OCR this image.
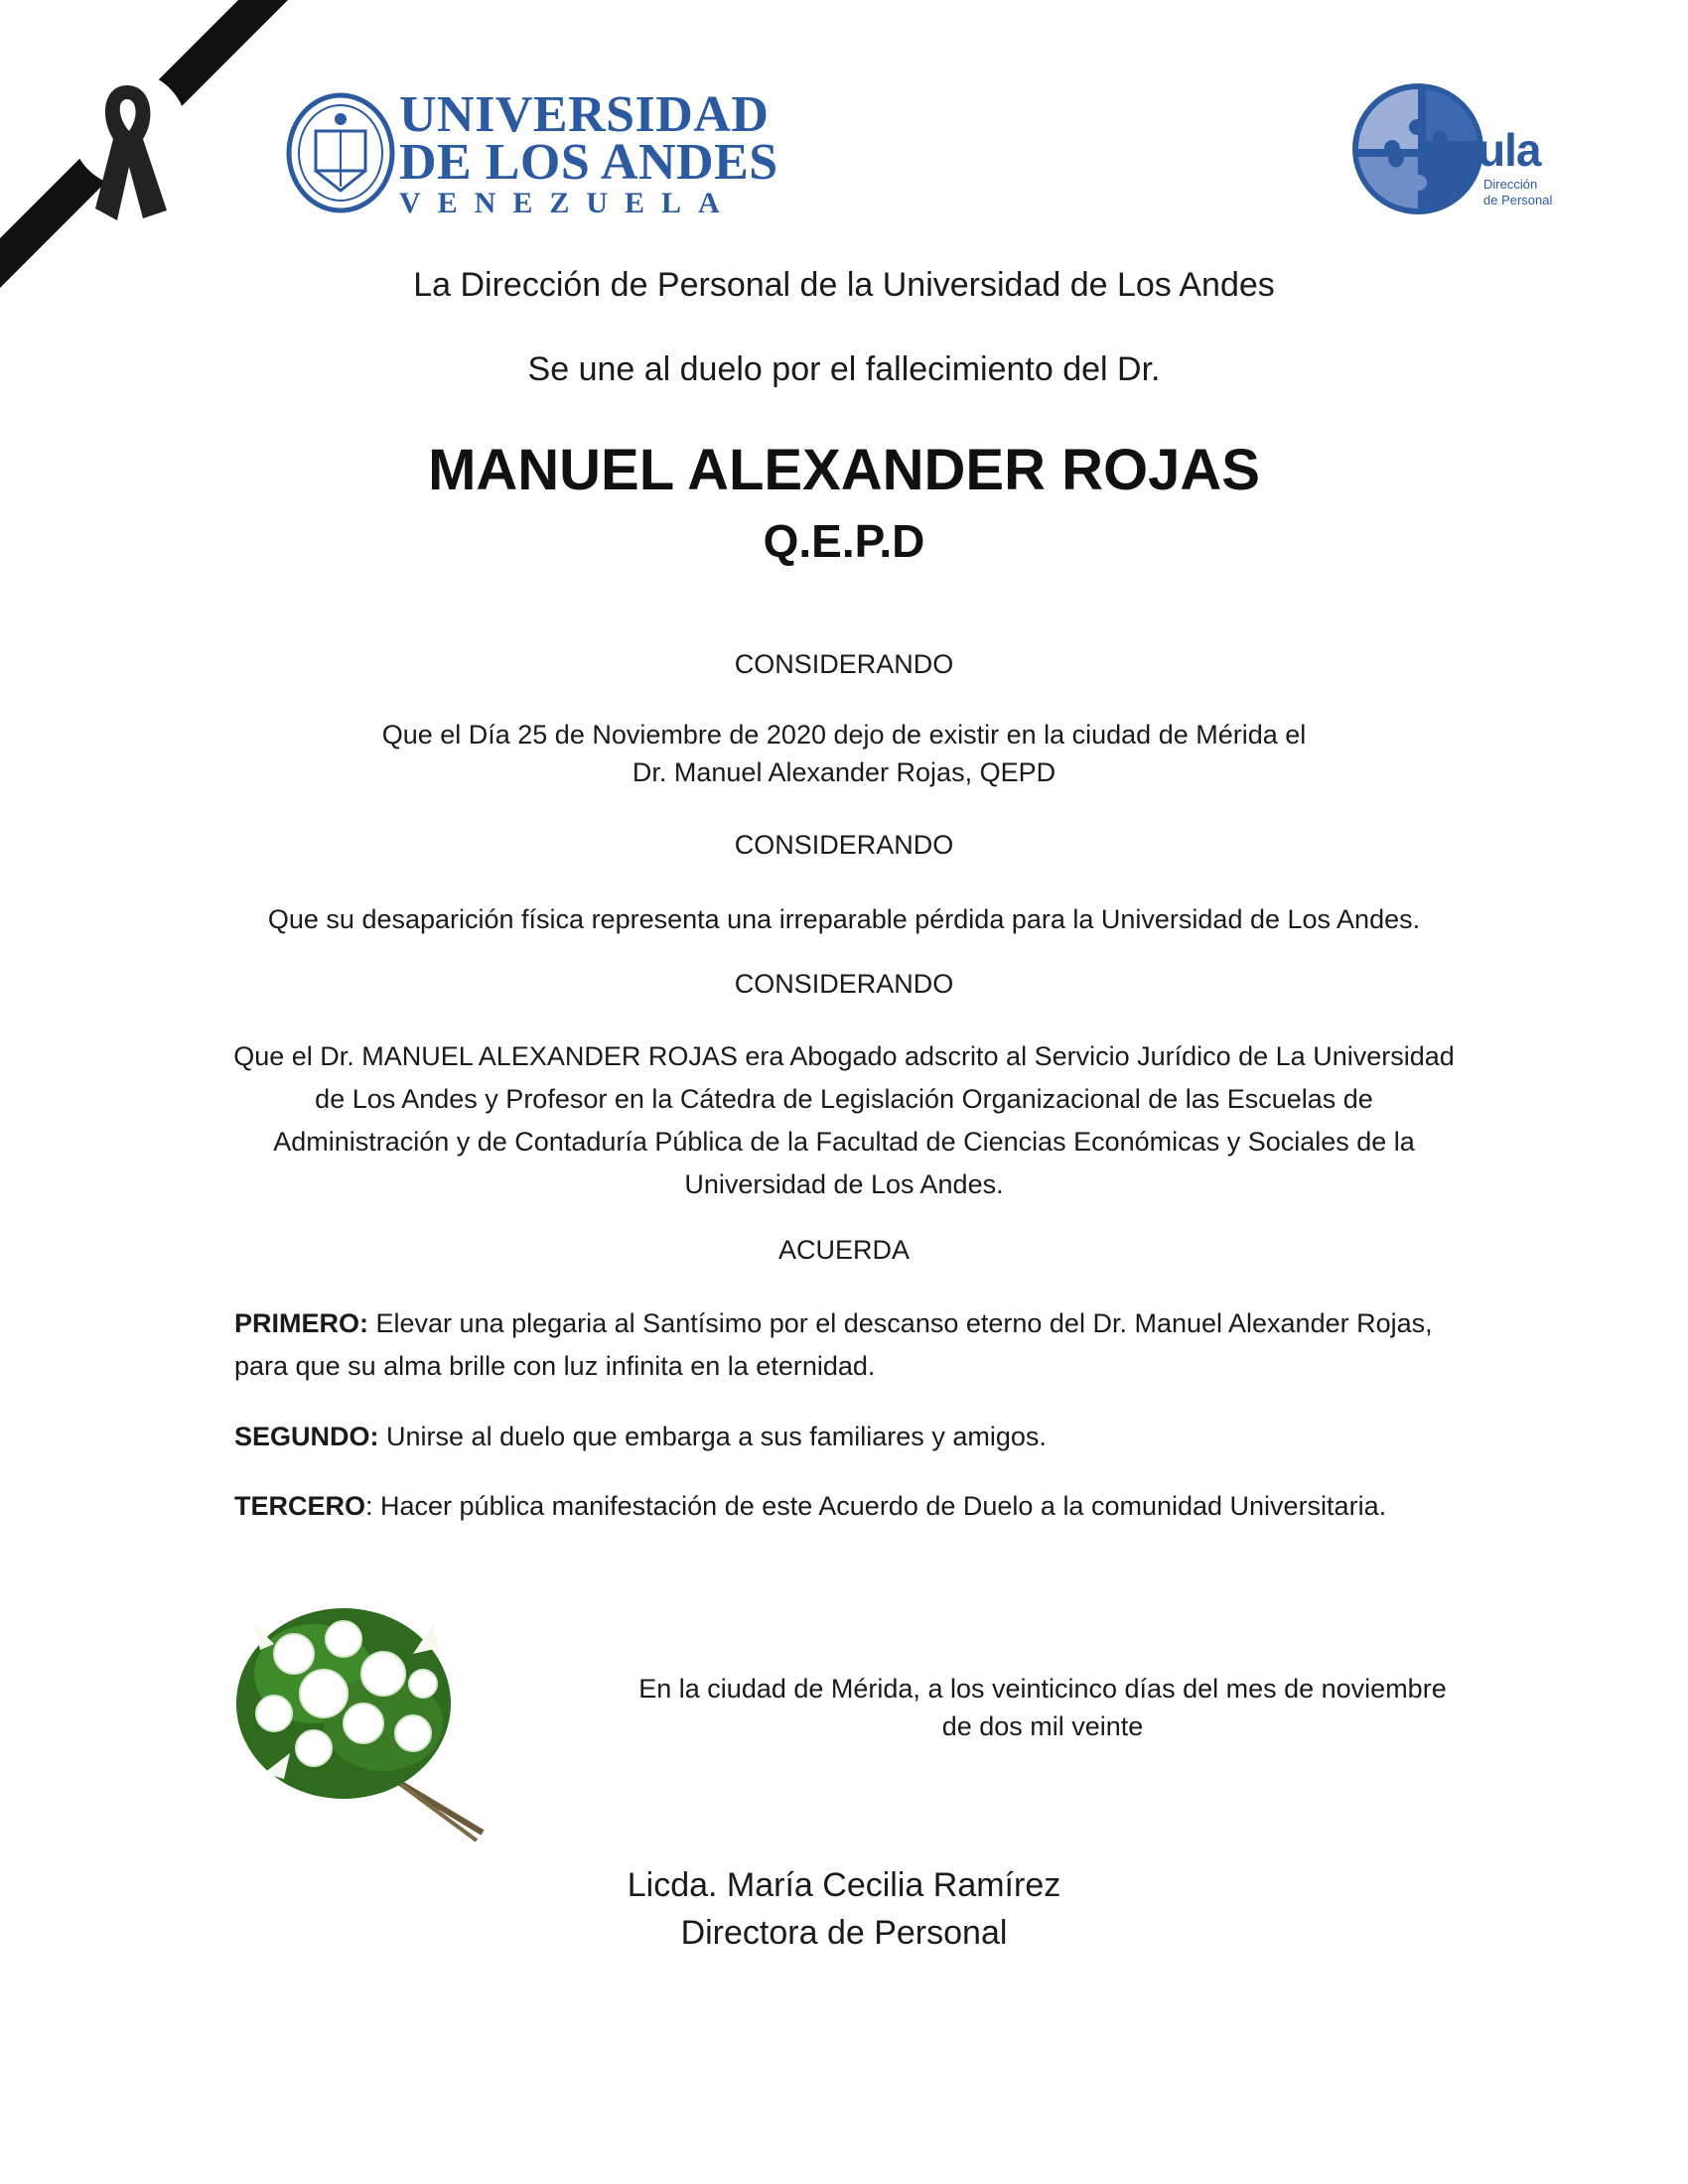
UNIVERSIDAD
DE LOS ANDES
VENEZUELA
ula
Dirección
de Personal
La Dirección de Personal de la Universidad de Los Andes
Se une al duelo por el fallecimiento del Dr.
MANUEL ALEXANDER ROJAS
Q.E.P.D
CONSIDERANDO
Que el Día 25 de Noviembre de 2020 dejo de existir en la ciudad de Mérida el
Dr. Manuel Alexander Rojas, QEPD
CONSIDERANDO
Que su desaparición física representa una irreparable pérdida para la Universidad de Los Andes.
CONSIDERANDO
Que el Dr. MANUEL ALEXANDER ROJAS era Abogado adscrito al Servicio Jurídico de La Universidad
de Los Andes y Profesor en la Cátedra de Legislación Organizacional de las Escuelas de
Administración y de Contaduría Pública de la Facultad de Ciencias Económicas y Sociales de la
Universidad de Los Andes.
ACUERDA
PRIMERO: Elevar una plegaria al Santísimo por el descanso eterno del Dr. Manuel Alexander Rojas,
para que su alma brille con luz infinita en la eternidad.
SEGUNDO: Unirse al duelo que embarga a sus familiares y amigos.
TERCERO: Hacer pública manifestación de este Acuerdo de Duelo a la comunidad Universitaria.
En la ciudad de Mérida, a los veinticinco días del mes de noviembre
de dos mil veinte
Licda. María Cecilia Ramírez
Directora de Personal
